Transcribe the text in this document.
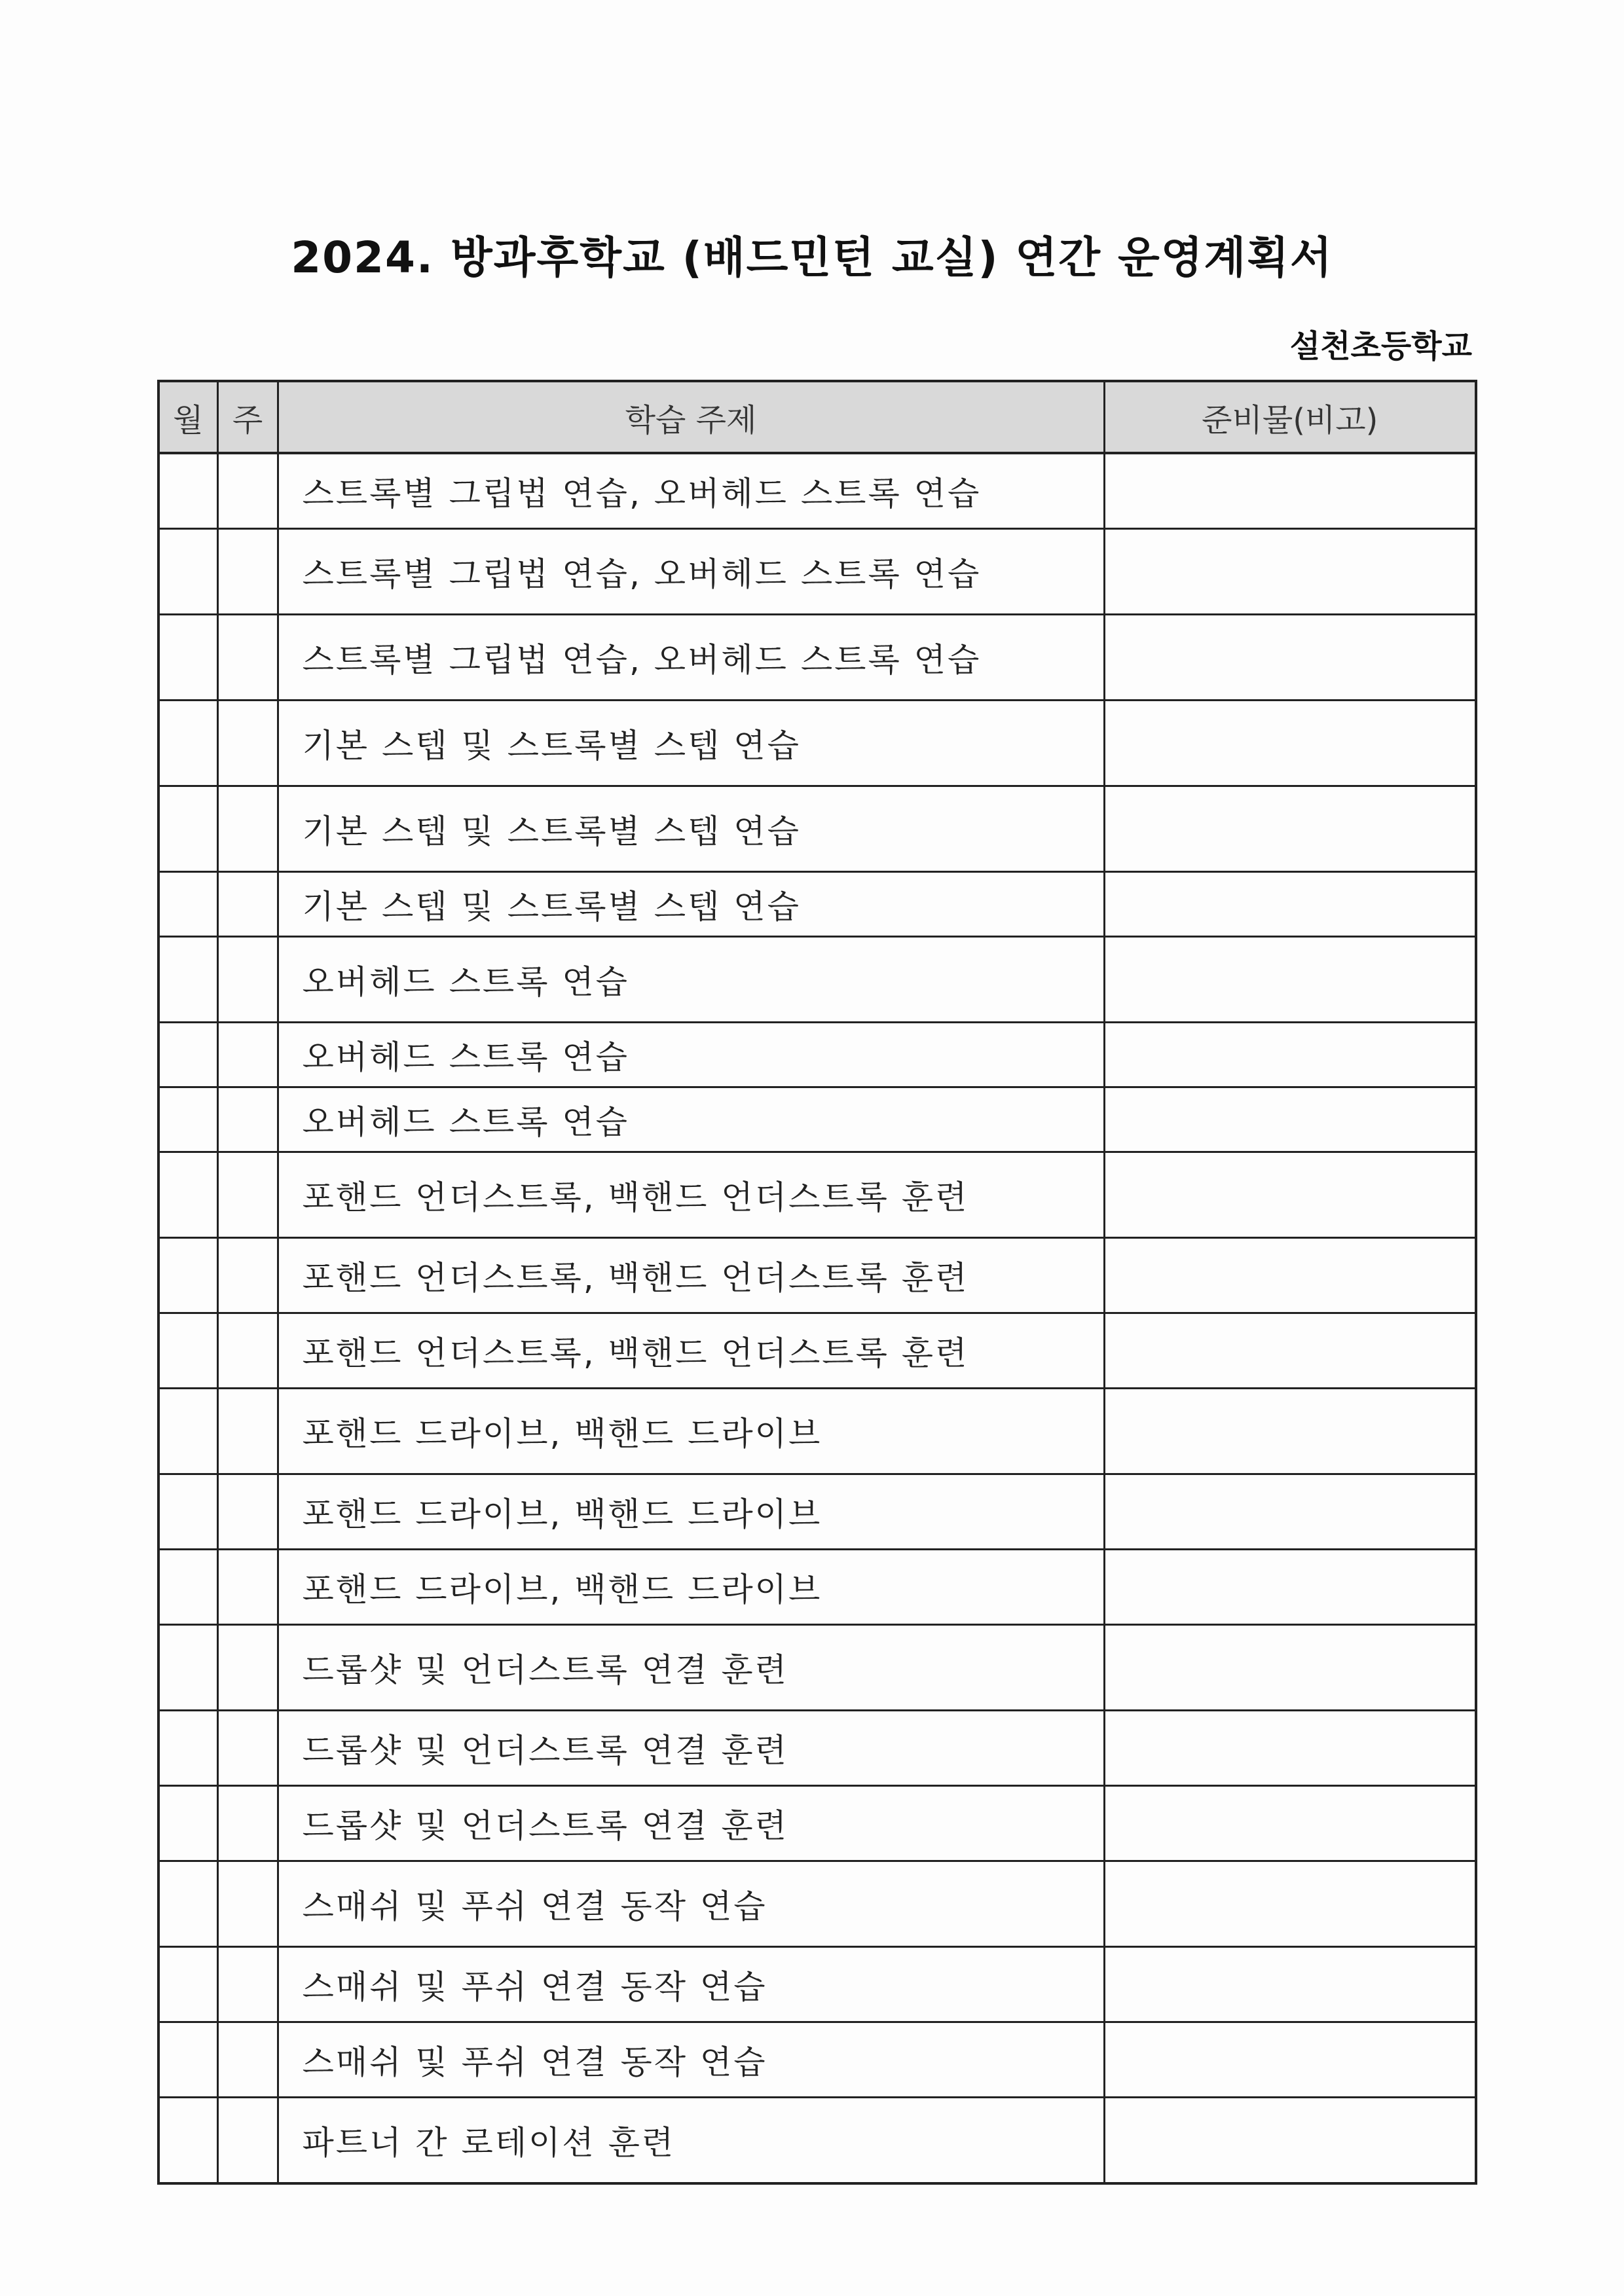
2024. 방과후학교 (배드민턴 교실) 연간 운영계획서
설천초등학교
월	주	학습 주제	준비물(비고)
		스트록별 그립법 연습, 오버헤드 스트록 연습	
		스트록별 그립법 연습, 오버헤드 스트록 연습	
		스트록별 그립법 연습, 오버헤드 스트록 연습	
		기본 스텝 및 스트록별 스텝 연습	
		기본 스텝 및 스트록별 스텝 연습	
		기본 스텝 및 스트록별 스텝 연습	
		오버헤드 스트록 연습	
		오버헤드 스트록 연습	
		오버헤드 스트록 연습	
		포핸드 언더스트록, 백핸드 언더스트록 훈련	
		포핸드 언더스트록, 백핸드 언더스트록 훈련	
		포핸드 언더스트록, 백핸드 언더스트록 훈련	
		포핸드 드라이브, 백핸드 드라이브	
		포핸드 드라이브, 백핸드 드라이브	
		포핸드 드라이브, 백핸드 드라이브	
		드롭샷 및 언더스트록 연결 훈련	
		드롭샷 및 언더스트록 연결 훈련	
		드롭샷 및 언더스트록 연결 훈련	
		스매쉬 및 푸쉬 연결 동작 연습	
		스매쉬 및 푸쉬 연결 동작 연습	
		스매쉬 및 푸쉬 연결 동작 연습	
		파트너 간 로테이션 훈련	
